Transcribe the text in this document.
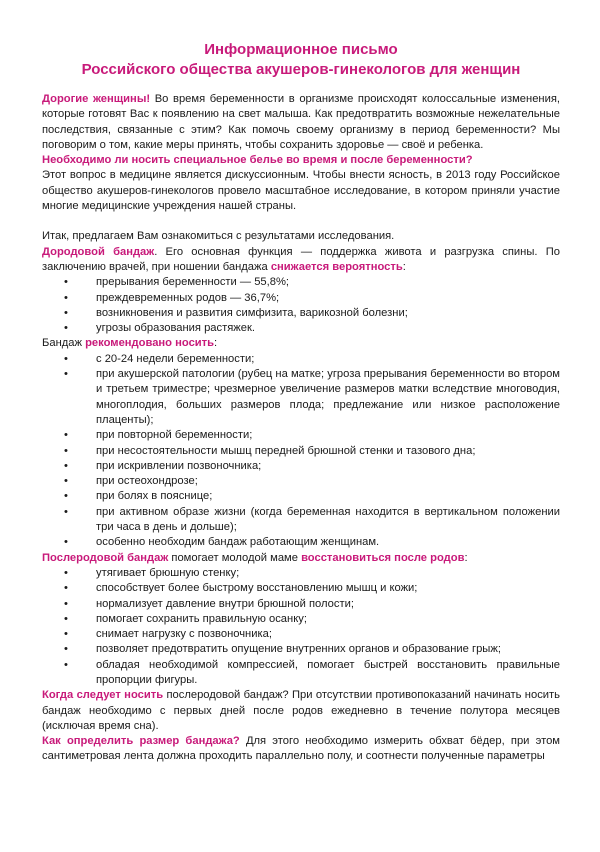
Информационное письмо
Российского общества акушеров-гинекологов для женщин

Дорогие женщины! Во время беременности в организме происходят колоссальные изменения, которые готовят Вас к появлению на свет малыша. Как предотвратить возможные нежелательные последствия, связанные с этим? Как помочь своему организму в период беременности? Мы поговорим о том, какие меры принять, чтобы сохранить здоровье — своё и ребенка.

Необходимо ли носить специальное белье во время и после беременности?

Этот вопрос в медицине является дискуссионным. Чтобы внести ясность, в 2013 году Российское общество акушеров-гинекологов провело масштабное исследование, в котором приняли участие многие медицинские учреждения нашей страны.

Итак, предлагаем Вам ознакомиться с результатами исследования.

Дородовой бандаж. Его основная функция — поддержка живота и разгрузка спины. По заключению врачей, при ношении бандажа снижается вероятность:

•	прерывания беременности — 55,8%;
•	преждевременных родов — 36,7%;
•	возникновения и развития симфизита, варикозной болезни;
•	угрозы образования растяжек.

Бандаж рекомендовано носить:

•	с 20-24 недели беременности;
•	при акушерской патологии (рубец на матке; угроза прерывания беременности во втором и третьем триместре; чрезмерное увеличение размеров матки вследствие многоводия, многоплодия, больших размеров плода; предлежание или низкое расположение плаценты);
•	при повторной беременности;
•	при несостоятельности мышц передней брюшной стенки и тазового дна;
•	при искривлении позвоночника;
•	при остеохондрозе;
•	при болях в пояснице;
•	при активном образе жизни (когда беременная находится в вертикальном положении три часа в день и дольше);
•	особенно необходим бандаж работающим женщинам.

Послеродовой бандаж помогает молодой маме восстановиться после родов:

•	утягивает брюшную стенку;
•	способствует более быстрому восстановлению мышц и кожи;
•	нормализует давление внутри брюшной полости;
•	помогает сохранить правильную осанку;
•	снимает нагрузку с позвоночника;
•	позволяет предотвратить опущение внутренних органов и образование грыж;
•	обладая необходимой компрессией, помогает быстрей восстановить правильные пропорции фигуры.

Когда следует носить послеродовой бандаж? При отсутствии противопоказаний начинать носить бандаж необходимо с первых дней после родов ежедневно в течение полутора месяцев (исключая время сна).

Как определить размер бандажа? Для этого необходимо измерить обхват бёдер, при этом сантиметровая лента должна проходить параллельно полу, и соотнести полученные параметры
